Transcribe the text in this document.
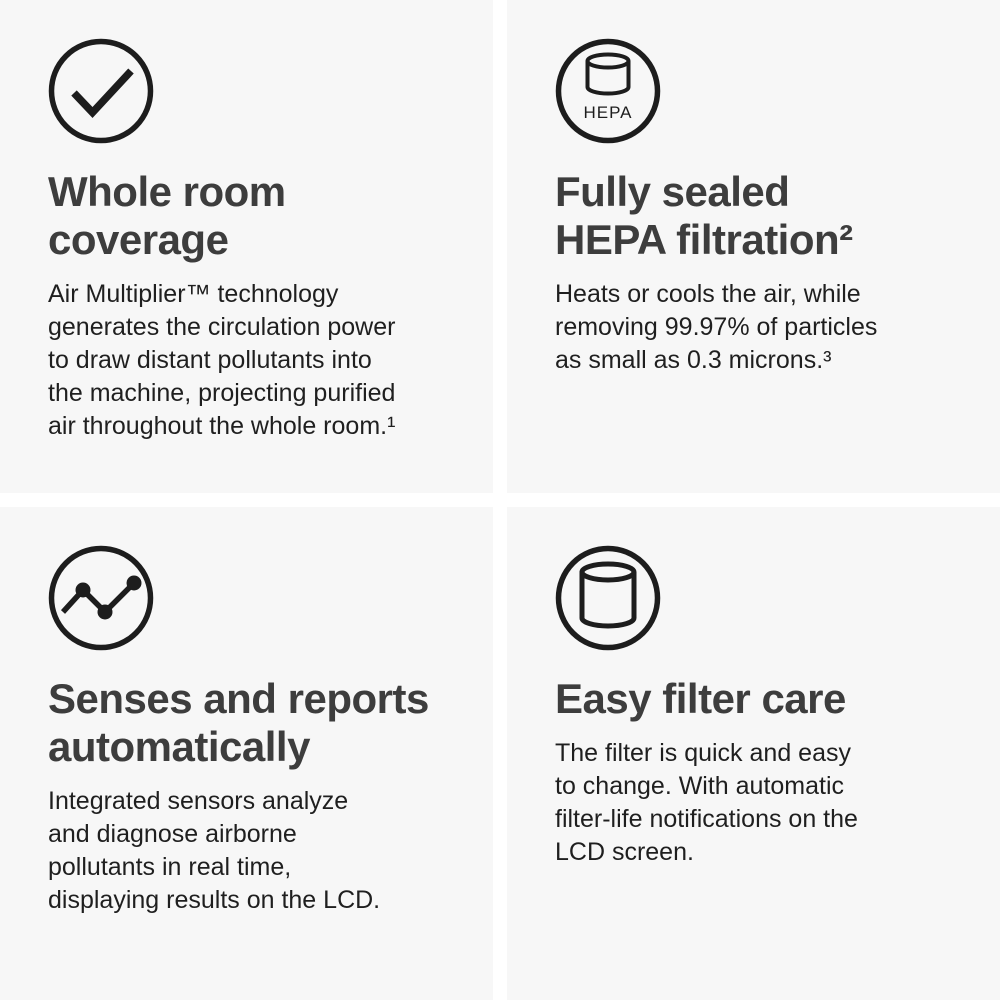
Whole room
coverage

Air Multiplier™ technology
generates the circulation power
to draw distant pollutants into
the machine, projecting purified
air throughout the whole room.¹

HEPA
Fully sealed
HEPA filtration²

Heats or cools the air, while
removing 99.97% of particles
as small as 0.3 microns.³

Senses and reports
automatically

Integrated sensors analyze
and diagnose airborne
pollutants in real time,
displaying results on the LCD.

Easy filter care

The filter is quick and easy
to change. With automatic
filter-life notifications on the
LCD screen.
